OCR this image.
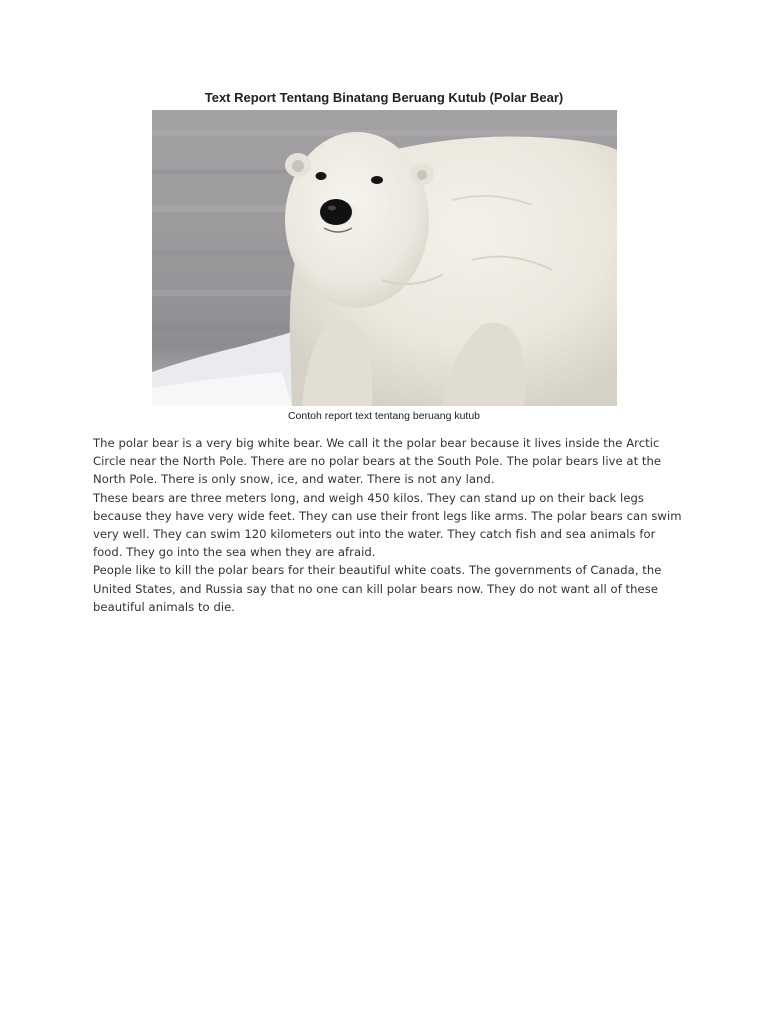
Text Report Tentang Binatang Beruang Kutub (Polar Bear)
Contoh report text tentang beruang kutub

The polar bear is a very big white bear. We call it the polar bear because it lives inside the Arctic Circle near the North Pole. There are no polar bears at the South Pole. The polar bears live at the North Pole. There is only snow, ice, and water. There is not any land.

These bears are three meters long, and weigh 450 kilos. They can stand up on their back legs because they have very wide feet. They can use their front legs like arms. The polar bears can swim very well. They can swim 120 kilometers out into the water. They catch fish and sea animals for food. They go into the sea when they are afraid.

People like to kill the polar bears for their beautiful white coats. The governments of Canada, the United States, and Russia say that no one can kill polar bears now. They do not want all of these beautiful animals to die.
